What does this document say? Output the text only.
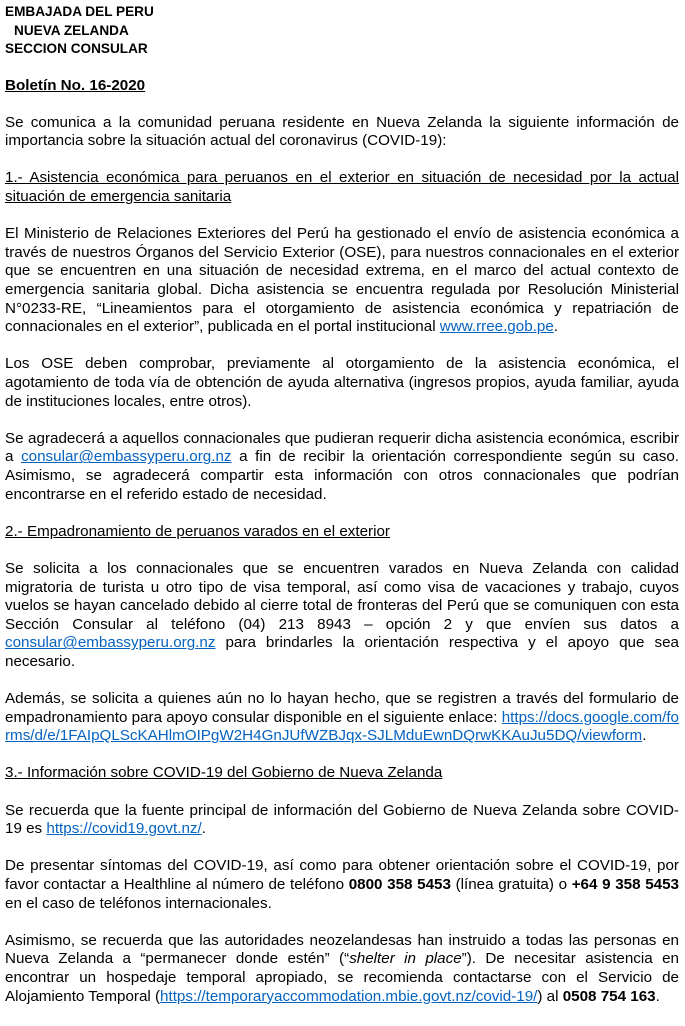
EMBAJADA DEL PERU
NUEVA ZELANDA
SECCION CONSULAR
Boletín No. 16-2020

Se comunica a la comunidad peruana residente en Nueva Zelanda la siguiente información de importancia sobre la situación actual del coronavirus (COVID-19):

1.- Asistencia económica para peruanos en el exterior en situación de necesidad por la actual situación de emergencia sanitaria

El Ministerio de Relaciones Exteriores del Perú ha gestionado el envío de asistencia económica a través de nuestros Órganos del Servicio Exterior (OSE), para nuestros connacionales en el exterior que se encuentren en una situación de necesidad extrema, en el marco del actual contexto de emergencia sanitaria global. Dicha asistencia se encuentra regulada por Resolución Ministerial N°0233-RE, “Lineamientos para el otorgamiento de asistencia económica y repatriación de connacionales en el exterior”, publicada en el portal institucional www.rree.gob.pe.

Los OSE deben comprobar, previamente al otorgamiento de la asistencia económica, el agotamiento de toda vía de obtención de ayuda alternativa (ingresos propios, ayuda familiar, ayuda de instituciones locales, entre otros).

Se agradecerá a aquellos connacionales que pudieran requerir dicha asistencia económica, escribir a consular@embassyperu.org.nz a fin de recibir la orientación correspondiente según su caso. Asimismo, se agradecerá compartir esta información con otros connacionales que podrían encontrarse en el referido estado de necesidad.

2.- Empadronamiento de peruanos varados en el exterior

Se solicita a los connacionales que se encuentren varados en Nueva Zelanda con calidad migratoria de turista u otro tipo de visa temporal, así como visa de vacaciones y trabajo, cuyos vuelos se hayan cancelado debido al cierre total de fronteras del Perú que se comuniquen con esta Sección Consular al teléfono (04) 213 8943 – opción 2 y que envíen sus datos a consular@embassyperu.org.nz para brindarles la orientación respectiva y el apoyo que sea necesario.

Además, se solicita a quienes aún no lo hayan hecho, que se registren a través del formulario de empadronamiento para apoyo consular disponible en el siguiente enlace: https://docs.google.com/forms/d/e/1FAIpQLScKAHlmOIPgW2H4GnJUfWZBJqx-SJLMduEwnDQrwKKAuJu5DQ/viewform.

3.- Información sobre COVID-19 del Gobierno de Nueva Zelanda

Se recuerda que la fuente principal de información del Gobierno de Nueva Zelanda sobre COVID-19 es https://covid19.govt.nz/.

De presentar síntomas del COVID-19, así como para obtener orientación sobre el COVID-19, por favor contactar a Healthline al número de teléfono 0800 358 5453 (línea gratuita) o +64 9 358 5453 en el caso de teléfonos internacionales.

Asimismo, se recuerda que las autoridades neozelandesas han instruido a todas las personas en Nueva Zelanda a “permanecer donde estén” (“shelter in place”). De necesitar asistencia en encontrar un hospedaje temporal apropiado, se recomienda contactarse con el Servicio de Alojamiento Temporal (https://temporaryaccommodation.mbie.govt.nz/covid-19/) al 0508 754 163.
